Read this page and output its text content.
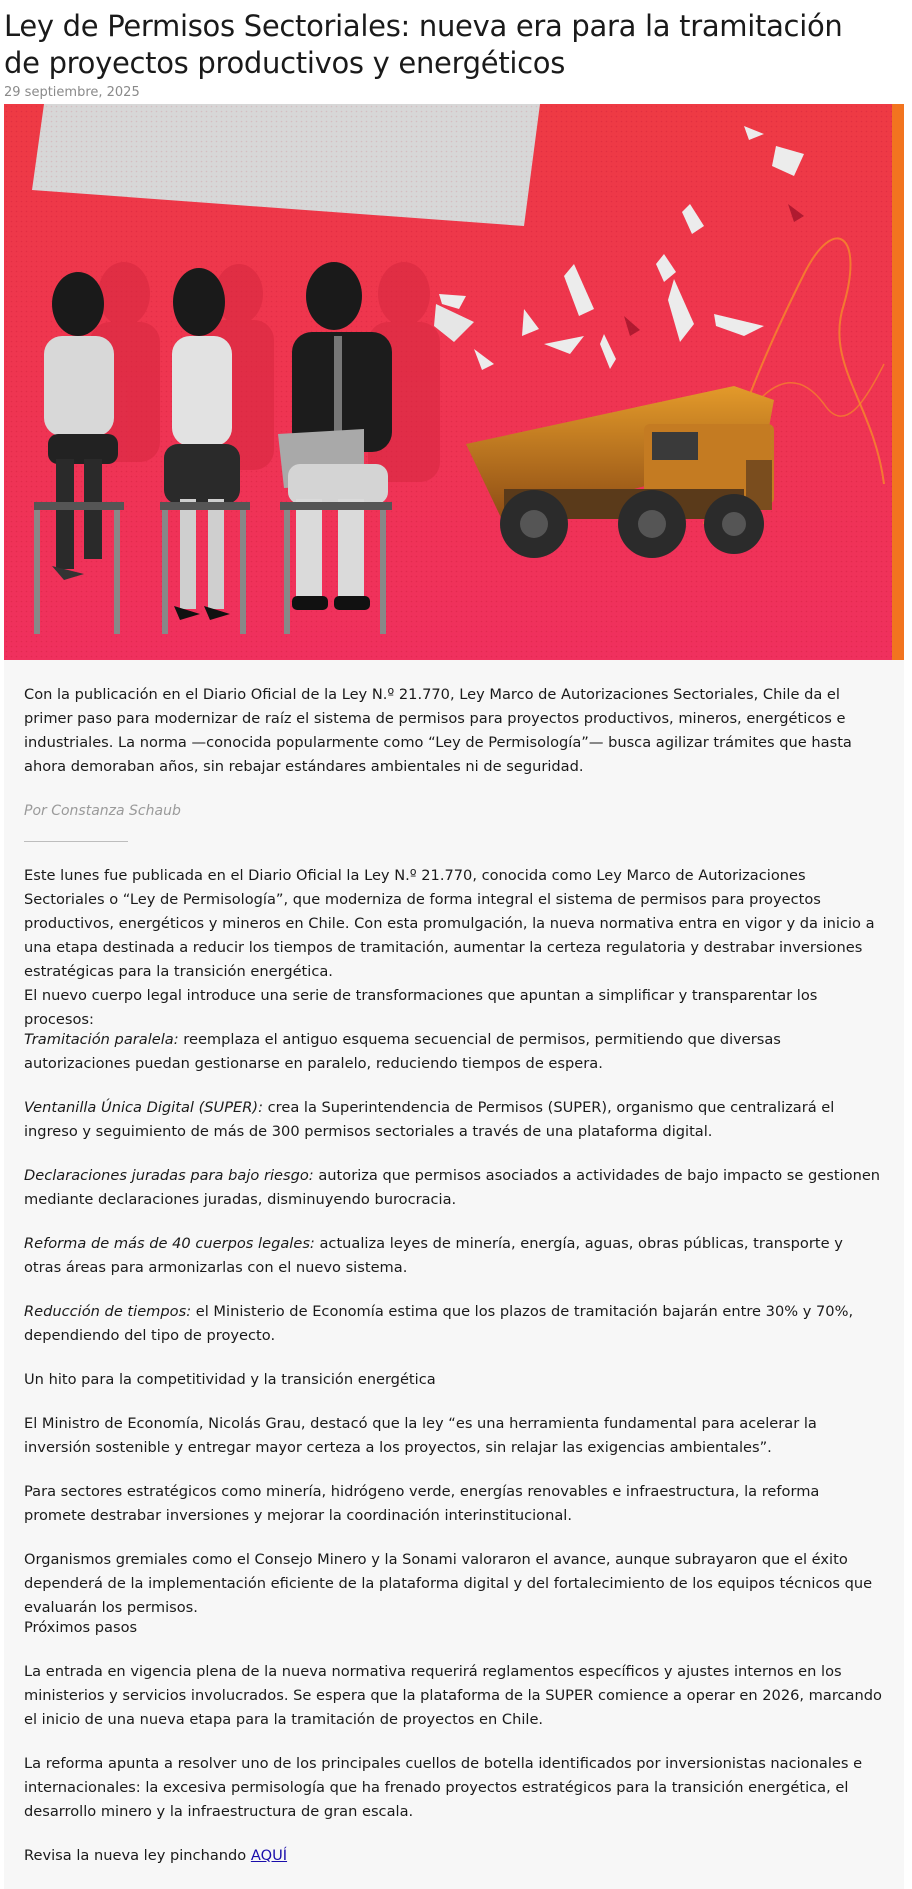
Ley de Permisos Sectoriales: nueva era para la tramitación de proyectos productivos y energéticos
29 septiembre, 2025

Con la publicación en el Diario Oficial de la Ley N.º 21.770, Ley Marco de Autorizaciones Sectoriales, Chile da el primer paso para modernizar de raíz el sistema de permisos para proyectos productivos, mineros, energéticos e industriales. La norma —conocida popularmente como “Ley de Permisología”— busca agilizar trámites que hasta ahora demoraban años, sin rebajar estándares ambientales ni de seguridad.

Por Constanza Schaub

Este lunes fue publicada en el Diario Oficial la Ley N.º 21.770, conocida como Ley Marco de Autorizaciones Sectoriales o “Ley de Permisología”, que moderniza de forma integral el sistema de permisos para proyectos productivos, energéticos y mineros en Chile. Con esta promulgación, la nueva normativa entra en vigor y da inicio a una etapa destinada a reducir los tiempos de tramitación, aumentar la certeza regulatoria y destrabar inversiones estratégicas para la transición energética.

El nuevo cuerpo legal introduce una serie de transformaciones que apuntan a simplificar y transparentar los procesos:

Tramitación paralela: reemplaza el antiguo esquema secuencial de permisos, permitiendo que diversas autorizaciones puedan gestionarse en paralelo, reduciendo tiempos de espera.

Ventanilla Única Digital (SUPER): crea la Superintendencia de Permisos (SUPER), organismo que centralizará el ingreso y seguimiento de más de 300 permisos sectoriales a través de una plataforma digital.

Declaraciones juradas para bajo riesgo: autoriza que permisos asociados a actividades de bajo impacto se gestionen mediante declaraciones juradas, disminuyendo burocracia.

Reforma de más de 40 cuerpos legales: actualiza leyes de minería, energía, aguas, obras públicas, transporte y otras áreas para armonizarlas con el nuevo sistema.

Reducción de tiempos: el Ministerio de Economía estima que los plazos de tramitación bajarán entre 30% y 70%, dependiendo del tipo de proyecto.

Un hito para la competitividad y la transición energética

El Ministro de Economía, Nicolás Grau, destacó que la ley “es una herramienta fundamental para acelerar la inversión sostenible y entregar mayor certeza a los proyectos, sin relajar las exigencias ambientales”.

Para sectores estratégicos como minería, hidrógeno verde, energías renovables e infraestructura, la reforma promete destrabar inversiones y mejorar la coordinación interinstitucional.

Organismos gremiales como el Consejo Minero y la Sonami valoraron el avance, aunque subrayaron que el éxito dependerá de la implementación eficiente de la plataforma digital y del fortalecimiento de los equipos técnicos que evaluarán los permisos.

Próximos pasos

La entrada en vigencia plena de la nueva normativa requerirá reglamentos específicos y ajustes internos en los ministerios y servicios involucrados. Se espera que la plataforma de la SUPER comience a operar en 2026, marcando el inicio de una nueva etapa para la tramitación de proyectos en Chile.

La reforma apunta a resolver uno de los principales cuellos de botella identificados por inversionistas nacionales e internacionales: la excesiva permisología que ha frenado proyectos estratégicos para la transición energética, el desarrollo minero y la infraestructura de gran escala.

Revisa la nueva ley pinchando AQUÍ
